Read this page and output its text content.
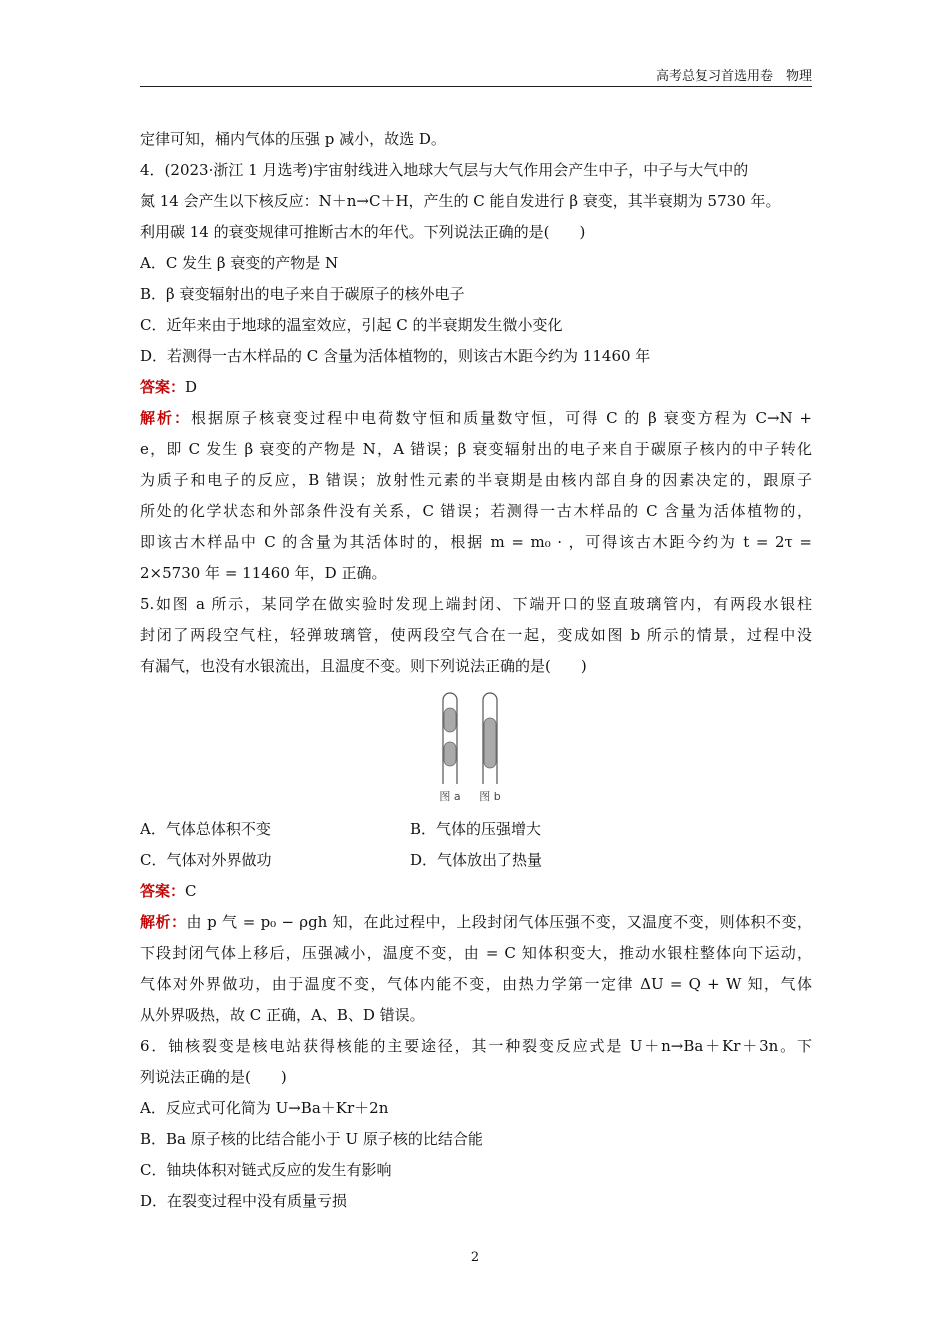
高考总复习首选用卷　物理
定律可知，桶内气体的压强 p 减小，故选 D。
4．(2023·浙江 1 月选考)宇宙射线进入地球大气层与大气作用会产生中子，中子与大气中的
氮 14 会产生以下核反应：N＋n→C＋H，产生的 C 能自发进行 β 衰变，其半衰期为 5730 年。
利用碳 14 的衰变规律可推断古木的年代。下列说法正确的是(　　)
A．C 发生 β 衰变的产物是 N
B．β 衰变辐射出的电子来自于碳原子的核外电子
C．近年来由于地球的温室效应，引起 C 的半衰期发生微小变化
D．若测得一古木样品的 C 含量为活体植物的，则该古木距今约为 11460 年
答案：D
解析：根据原子核衰变过程中电荷数守恒和质量数守恒，可得 C 的 β 衰变方程为 C→N +
e，即 C 发生 β 衰变的产物是 N，A 错误；β 衰变辐射出的电子来自于碳原子核内的中子转化
为质子和电子的反应，B 错误；放射性元素的半衰期是由核内部自身的因素决定的，跟原子
所处的化学状态和外部条件没有关系，C 错误；若测得一古木样品的 C 含量为活体植物的，
即该古木样品中 C 的含量为其活体时的，根据 m = m₀ · ，可得该古木距今约为 t = 2τ =
2×5730 年 = 11460 年，D 正确。
5.如图 a 所示，某同学在做实验时发现上端封闭、下端开口的竖直玻璃管内，有两段水银柱
封闭了两段空气柱，轻弹玻璃管，使两段空气合在一起，变成如图 b 所示的情景，过程中没
有漏气，也没有水银流出，且温度不变。则下列说法正确的是(　　)
图 a 图 b
A．气体总体积不变	B．气体的压强增大
C．气体对外界做功	D．气体放出了热量
答案：C
解析：由 p 气 = p₀ − ρgh 知，在此过程中，上段封闭气体压强不变，又温度不变，则体积不变，
下段封闭气体上移后，压强减小，温度不变，由 = C 知体积变大，推动水银柱整体向下运动，
气体对外界做功，由于温度不变，气体内能不变，由热力学第一定律 ΔU = Q + W 知，气体
从外界吸热，故 C 正确，A、B、D 错误。
6．铀核裂变是核电站获得核能的主要途径，其一种裂变反应式是 U＋n→Ba＋Kr＋3n。下
列说法正确的是(　　)
A．反应式可化简为 U→Ba＋Kr＋2n
B．Ba 原子核的比结合能小于 U 原子核的比结合能
C．铀块体积对链式反应的发生有影响
D．在裂变过程中没有质量亏损
2
